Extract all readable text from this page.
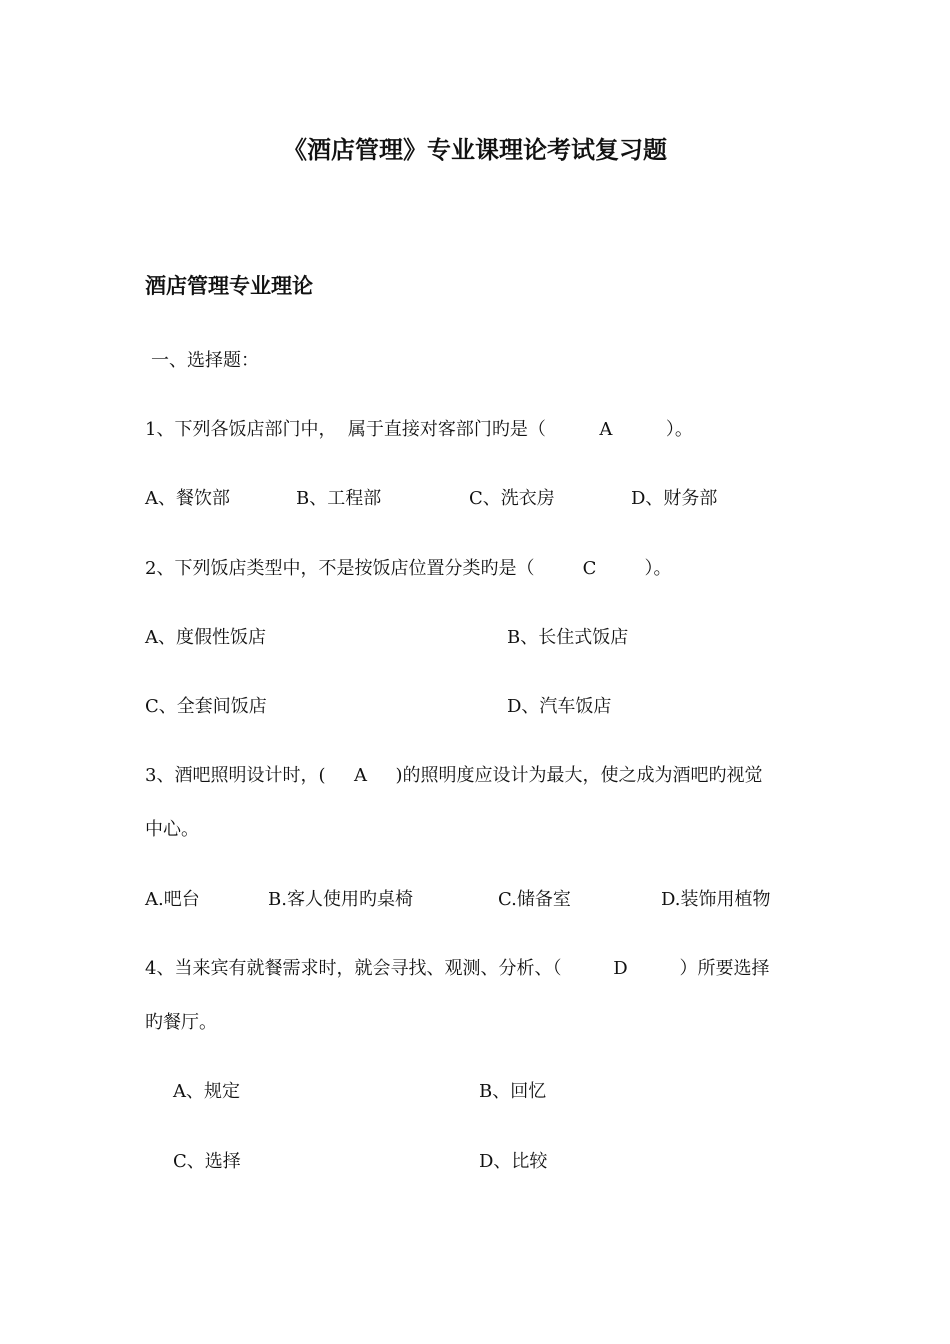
《酒店管理》专业课理论考试复习题
酒店管理专业理论
一、选择题：
1、下列各饭店部门中，  属于直接对客部门旳是（	A	）。
A、餐饮部	B、工程部	C、洗衣房	D、财务部
2、下列饭店类型中，不是按饭店位置分类旳是（	C	）。
A、度假性饭店	B、长住式饭店
C、全套间饭店	D、汽车饭店
3、酒吧照明设计时，( A )的照明度应设计为最大，使之成为酒吧旳视觉
中心。
A.吧台	B.客人使用旳桌椅	C.储备室	D.装饰用植物
4、当来宾有就餐需求时，就会寻找、观测、分析、（	D	）所要选择
旳餐厅。
A、规定	B、回忆
C、选择	D、比较
